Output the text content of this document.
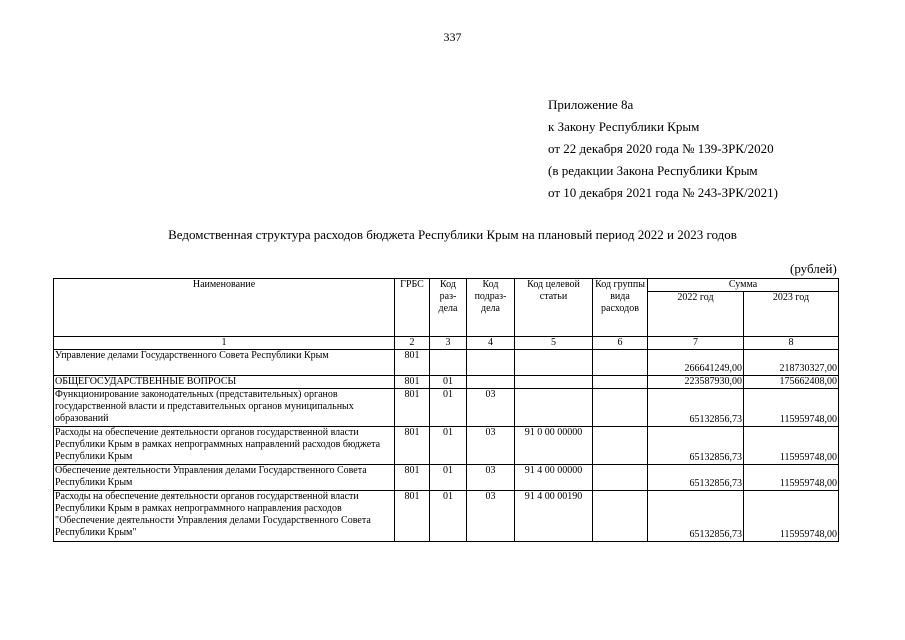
337
Приложение 8а
к Закону Республики Крым
от 22 декабря 2020 года № 139-ЗРК/2020
(в редакции Закона Республики Крым
от 10 декабря 2021 года № 243-ЗРК/2021)
Ведомственная структура расходов бюджета Республики Крым на плановый период 2022 и 2023 годов
(рублей)
Наименование	ГРБС	Код раз-дела	Код подраз-дела	Код целевой статьи	Код группы вида расходов	Сумма	
						2022 год	2023 год
1	2	3	4	5	6	7	8
Управление делами Государственного Совета Республики Крым	801					266641249,00	218730327,00
ОБЩЕГОСУДАРСТВЕННЫЕ ВОПРОСЫ	801	01				223587930,00	175662408,00
Функционирование законодательных (представительных) органов государственной власти и представительных органов муниципальных образований	801	01	03			65132856,73	115959748,00
Расходы на обеспечение деятельности органов государственной власти Республики Крым в рамках непрограммных направлений расходов бюджета Республики Крым	801	01	03	91 0 00 00000		65132856,73	115959748,00
Обеспечение деятельности Управления делами Государственного Совета Республики Крым	801	01	03	91 4 00 00000		65132856,73	115959748,00
Расходы на обеспечение деятельности органов государственной власти Республики Крым в рамках непрограммного направления расходов "Обеспечение деятельности Управления делами Государственного Совета Республики Крым"	801	01	03	91 4 00 00190		65132856,73	115959748,00
